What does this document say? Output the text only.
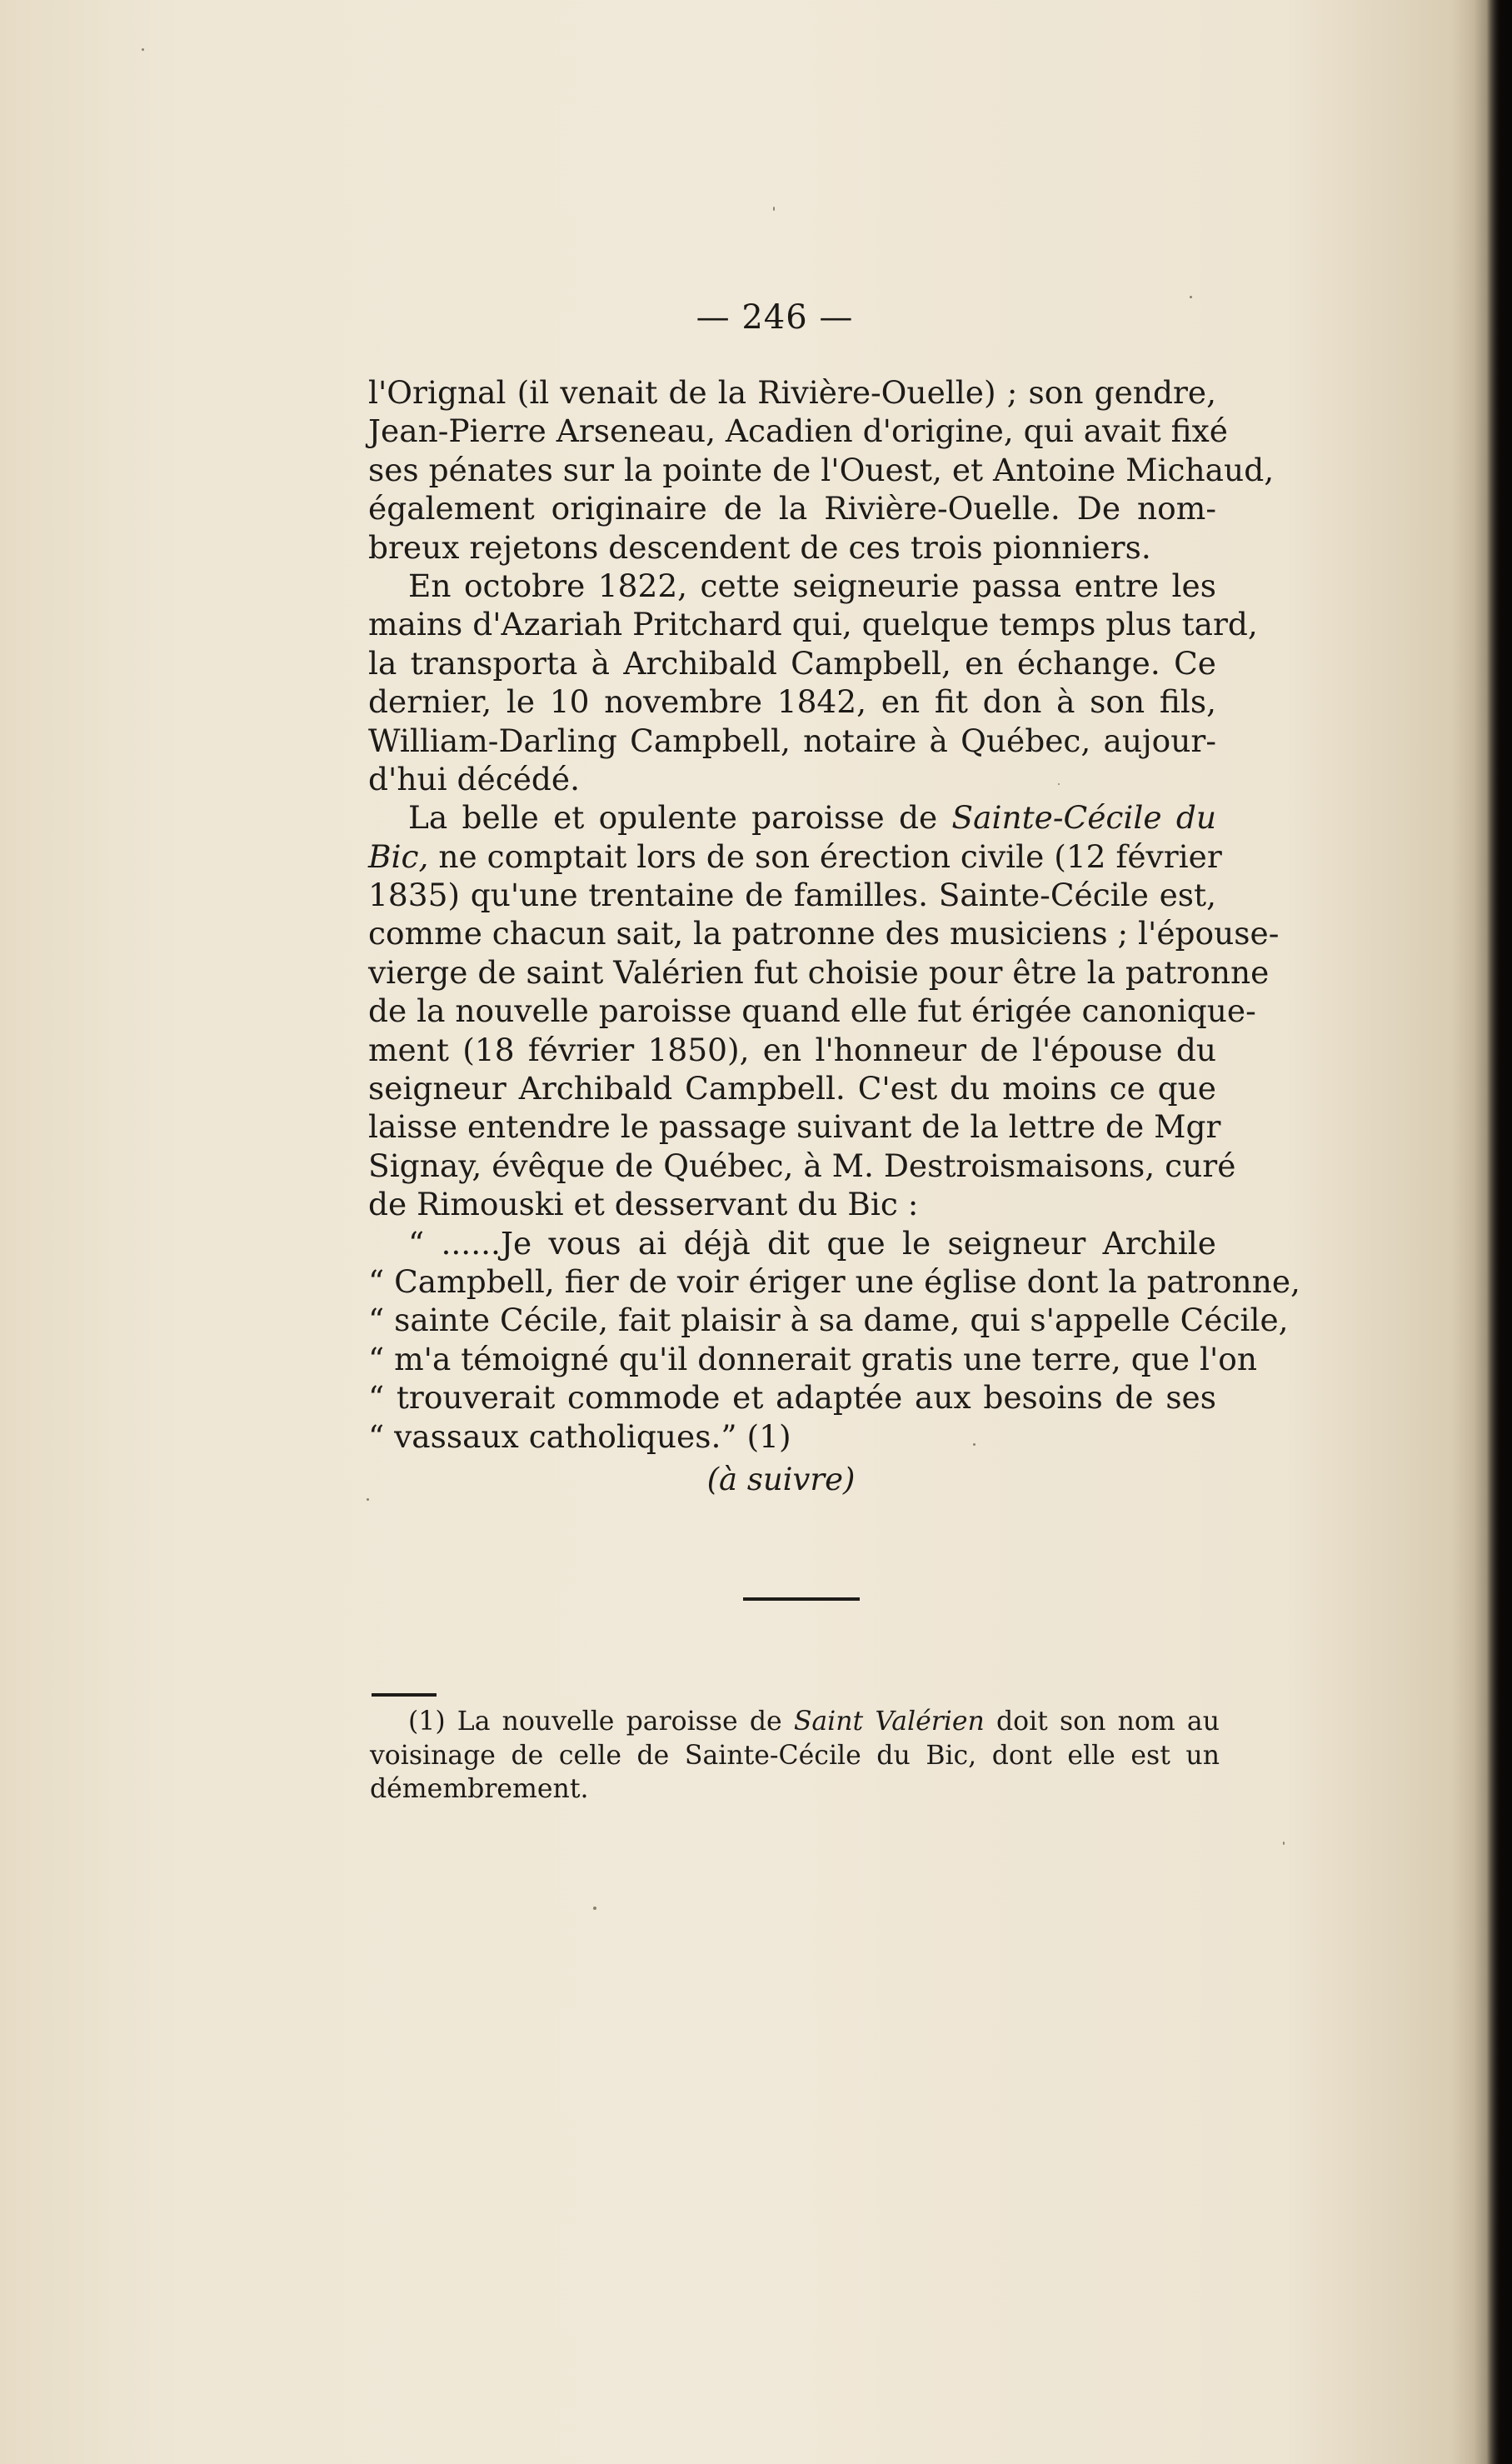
— 246 —
l'Orignal (il venait de la Rivière-Ouelle) ; son gendre,
Jean-Pierre Arseneau, Acadien d'origine, qui avait fixé
ses pénates sur la pointe de l'Ouest, et Antoine Michaud,
également originaire de la Rivière-Ouelle. De nom-
breux rejetons descendent de ces trois pionniers.
En octobre 1822, cette seigneurie passa entre les
mains d'Azariah Pritchard qui, quelque temps plus tard,
la transporta à Archibald Campbell, en échange. Ce
dernier, le 10 novembre 1842, en fit don à son fils,
William-Darling Campbell, notaire à Québec, aujour-
d'hui décédé.
La belle et opulente paroisse de Sainte-Cécile du
Bic, ne comptait lors de son érection civile (12 février
1835) qu'une trentaine de familles. Sainte-Cécile est,
comme chacun sait, la patronne des musiciens ; l'épouse-
vierge de saint Valérien fut choisie pour être la patronne
de la nouvelle paroisse quand elle fut érigée canonique-
ment (18 février 1850), en l'honneur de l'épouse du
seigneur Archibald Campbell. C'est du moins ce que
laisse entendre le passage suivant de la lettre de Mgr
Signay, évêque de Québec, à M. Destroismaisons, curé
de Rimouski et desservant du Bic :
“ ......Je vous ai déjà dit que le seigneur Archile
“ Campbell, fier de voir ériger une église dont la patronne,
“ sainte Cécile, fait plaisir à sa dame, qui s'appelle Cécile,
“ m'a témoigné qu'il donnerait gratis une terre, que l'on
“ trouverait commode et adaptée aux besoins de ses
“ vassaux catholiques.” (1)
(à suivre)
(1) La nouvelle paroisse de Saint Valérien doit son nom au
voisinage de celle de Sainte-Cécile du Bic, dont elle est un
démembrement.
